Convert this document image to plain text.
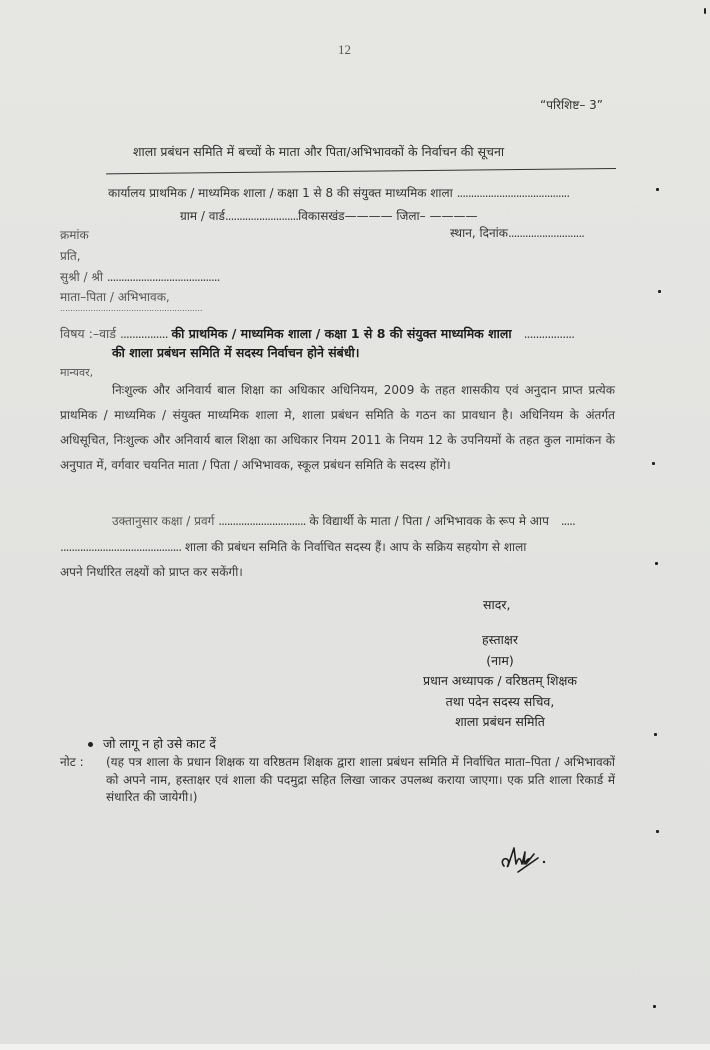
12
“परिशिष्ट– 3”
शाला प्रबंधन समिति में बच्चों के माता और पिता/अभिभावकों के निर्वाचन की सूचना
कार्यालय प्राथमिक / माध्यमिक शाला / कक्षा 1 से 8 की संयुक्त माध्यमिक शाला ........................................
ग्राम / वार्ड..........................विकासखंड———— जिला– ————
क्रमांक	स्थान, दिनांक...........................
प्रति,
सुश्री / श्री ........................................
माता–पिता / अभिभावक,
........................................................
विषय :–वार्ड ................ की प्राथमिक / माध्यमिक शाला / कक्षा 1 से 8 की संयुक्त माध्यमिक शाला .................
की शाला प्रबंधन समिति में सदस्य निर्वाचन होने संबंधी।
मान्यवर,
निःशुल्क और अनिवार्य बाल शिक्षा का अधिकार अधिनियम, 2009 के तहत शासकीय एवं अनुदान प्राप्त प्रत्येक प्राथमिक / माध्यमिक / संयुक्त माध्यमिक शाला मे, शाला प्रबंधन समिति के गठन का प्रावधान है। अधिनियम के अंतर्गत अधिसूचित, निःशुल्क और अनिवार्य बाल शिक्षा का अधिकार नियम 2011 के नियम 12 के उपनियमों के तहत कुल नामांकन के अनुपात में, वर्गवार चयनित माता / पिता / अभिभावक, स्कूल प्रबंधन समिति के सदस्य होंगे।
उक्तानुसार कक्षा / प्रवर्ग ............................... के विद्यार्थी के माता / पिता / अभिभावक के रूप मे आप .....
........................................... शाला की प्रबंधन समिति के निर्वाचित सदस्य हैं। आप के सक्रिय सहयोग से शाला
अपने निर्धारित लक्ष्यों को प्राप्त कर सकेंगी।
सादर,
हस्ताक्षर
(नाम)
प्रधान अध्यापक / वरिष्ठतम् शिक्षक
तथा पदेन सदस्य सचिव,
शाला प्रबंधन समिति
जो लागू न हो उसे काट दें
नोट : (यह पत्र शाला के प्रधान शिक्षक या वरिष्ठतम शिक्षक द्वारा शाला प्रबंधन समिति में निर्वाचित माता–पिता / अभिभावकों को अपने नाम, हस्ताक्षर एवं शाला की पदमुद्रा सहित लिखा जाकर उपलब्ध कराया जाएगा। एक प्रति शाला रिकार्ड में संधारित की जायेगी।)
